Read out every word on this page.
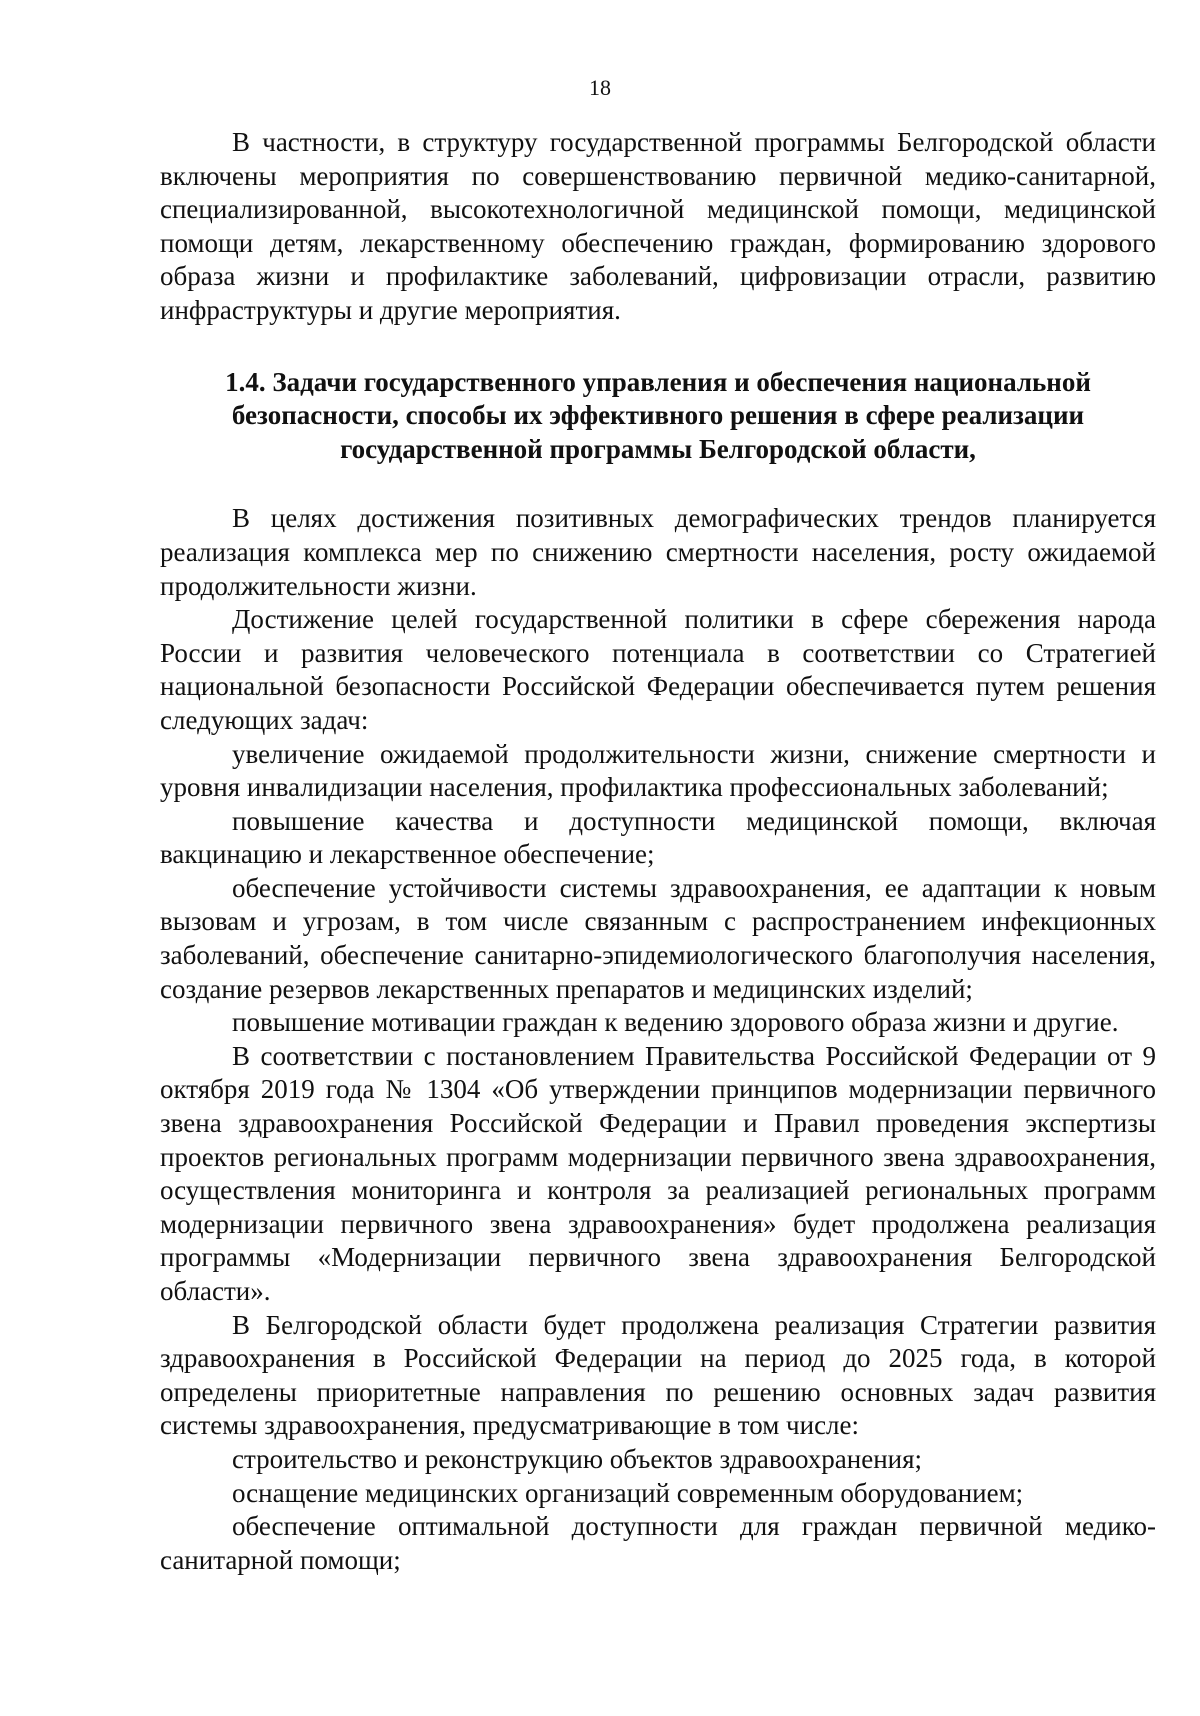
18

В частности, в структуру государственной программы Белгородской области включены мероприятия по совершенствованию первичной медико-санитарной, специализированной, высокотехнологичной медицинской помощи, медицинской помощи детям, лекарственному обеспечению граждан, формированию здорового образа жизни и профилактике заболеваний, цифровизации отрасли, развитию инфраструктуры и другие мероприятия.

1.4. Задачи государственного управления и обеспечения национальной
безопасности, способы их эффективного решения в сфере реализации
государственной программы Белгородской области,

В целях достижения позитивных демографических трендов планируется реализация комплекса мер по снижению смертности населения, росту ожидаемой продолжительности жизни.

Достижение целей государственной политики в сфере сбережения народа России и развития человеческого потенциала в соответствии со Стратегией национальной безопасности Российской Федерации обеспечивается путем решения следующих задач:

увеличение ожидаемой продолжительности жизни, снижение смертности и уровня инвалидизации населения, профилактика профессиональных заболеваний;

повышение качества и доступности медицинской помощи, включая вакцинацию и лекарственное обеспечение;

обеспечение устойчивости системы здравоохранения, ее адаптации к новым вызовам и угрозам, в том числе связанным с распространением инфекционных заболеваний, обеспечение санитарно-эпидемиологического благополучия населения, создание резервов лекарственных препаратов и медицинских изделий;

повышение мотивации граждан к ведению здорового образа жизни и другие.

В соответствии с постановлением Правительства Российской Федерации от 9 октября 2019 года № 1304 «Об утверждении принципов модернизации первичного звена здравоохранения Российской Федерации и Правил проведения экспертизы проектов региональных программ модернизации первичного звена здравоохранения, осуществления мониторинга и контроля за реализацией региональных программ модернизации первичного звена здравоохранения» будет продолжена реализация программы «Модернизации первичного звена здравоохранения Белгородской области».

В Белгородской области будет продолжена реализация Стратегии развития здравоохранения в Российской Федерации на период до 2025 года, в которой определены приоритетные направления по решению основных задач развития системы здравоохранения, предусматривающие в том числе:

строительство и реконструкцию объектов здравоохранения;

оснащение медицинских организаций современным оборудованием;

обеспечение оптимальной доступности для граждан первичной медико-санитарной помощи;
